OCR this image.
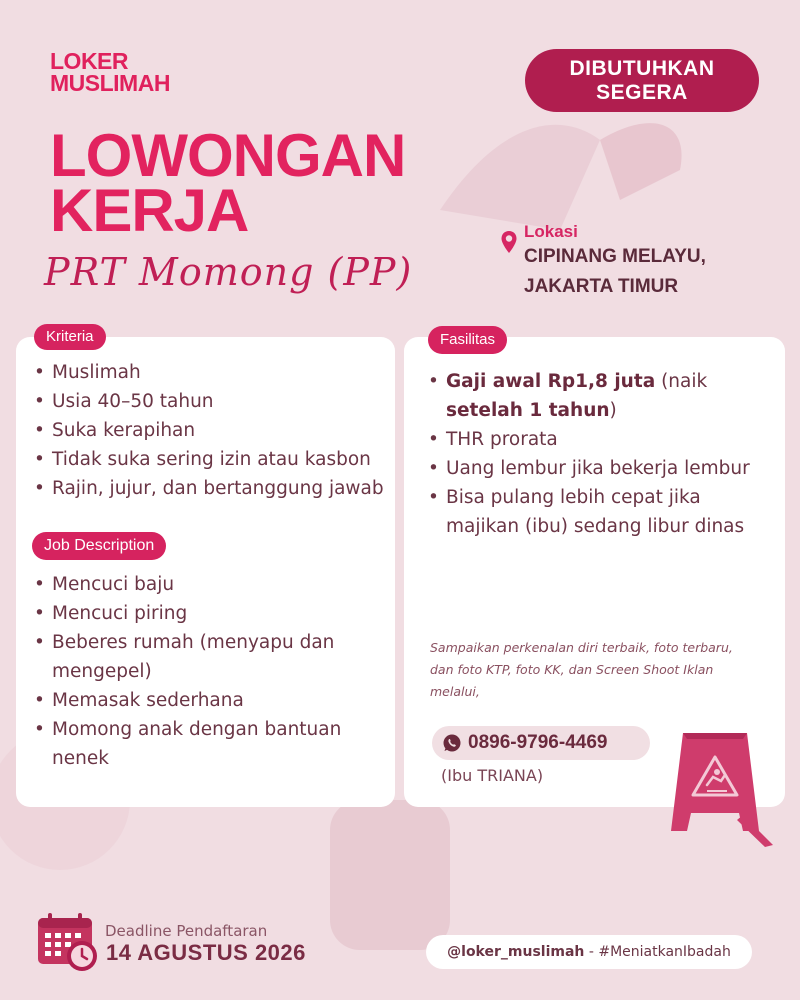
LOKER
MUSLIMAH
DIBUTUHKAN
SEGERA
LOWONGAN
KERJA
PRT Momong (PP)
Lokasi
CIPINANG MELAYU,
JAKARTA TIMUR
Kriteria
• Muslimah
• Usia 40–50 tahun
• Suka kerapihan
• Tidak suka sering izin atau kasbon
• Rajin, jujur, dan bertanggung jawab
Job Description
• Mencuci baju
• Mencuci piring
• Beberes rumah (menyapu dan
mengepel)
• Memasak sederhana
• Momong anak dengan bantuan
nenek
Fasilitas
• Gaji awal Rp1,8 juta (naik
setelah 1 tahun)
• THR prorata
• Uang lembur jika bekerja lembur
• Bisa pulang lebih cepat jika
majikan (ibu) sedang libur dinas
Sampaikan perkenalan diri terbaik, foto terbaru, dan foto KTP, foto KK, dan Screen Shoot Iklan melalui,
0896-9796-4469
(Ibu TRIANA)
Deadline Pendaftaran
14 AGUSTUS 2026	@loker_muslimah - #MeniatkanIbadah
